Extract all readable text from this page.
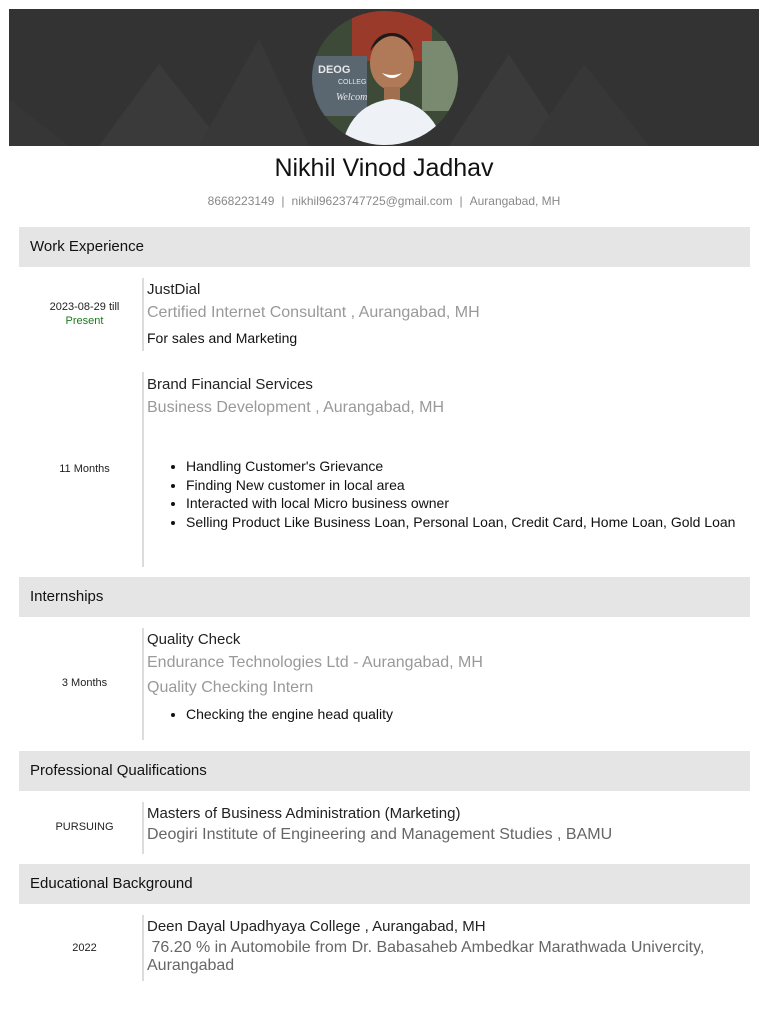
DEOG
COLLEG
Welcom
Nikhil Vinod Jadhav
8668223149 | nikhil9623747725@gmail.com | Aurangabad, MH
Work Experience
2023-08-29 till
Present
JustDial
Certified Internet Consultant , Aurangabad, MH
For sales and Marketing
11 Months
Brand Financial Services
Business Development , Aurangabad, MH
• Handling Customer's Grievance
• Finding New customer in local area
• Interacted with local Micro business owner
• Selling Product Like Business Loan, Personal Loan, Credit Card, Home Loan, Gold Loan
Internships
3 Months
Quality Check
Endurance Technologies Ltd - Aurangabad, MH
Quality Checking Intern
• Checking the engine head quality
Professional Qualifications
PURSUING
Masters of Business Administration (Marketing)
Deogiri Institute of Engineering and Management Studies , BAMU
Educational Background
2022
Deen Dayal Upadhyaya College , Aurangabad, MH
76.20 % in Automobile from Dr. Babasaheb Ambedkar Marathwada Univercity, Aurangabad
